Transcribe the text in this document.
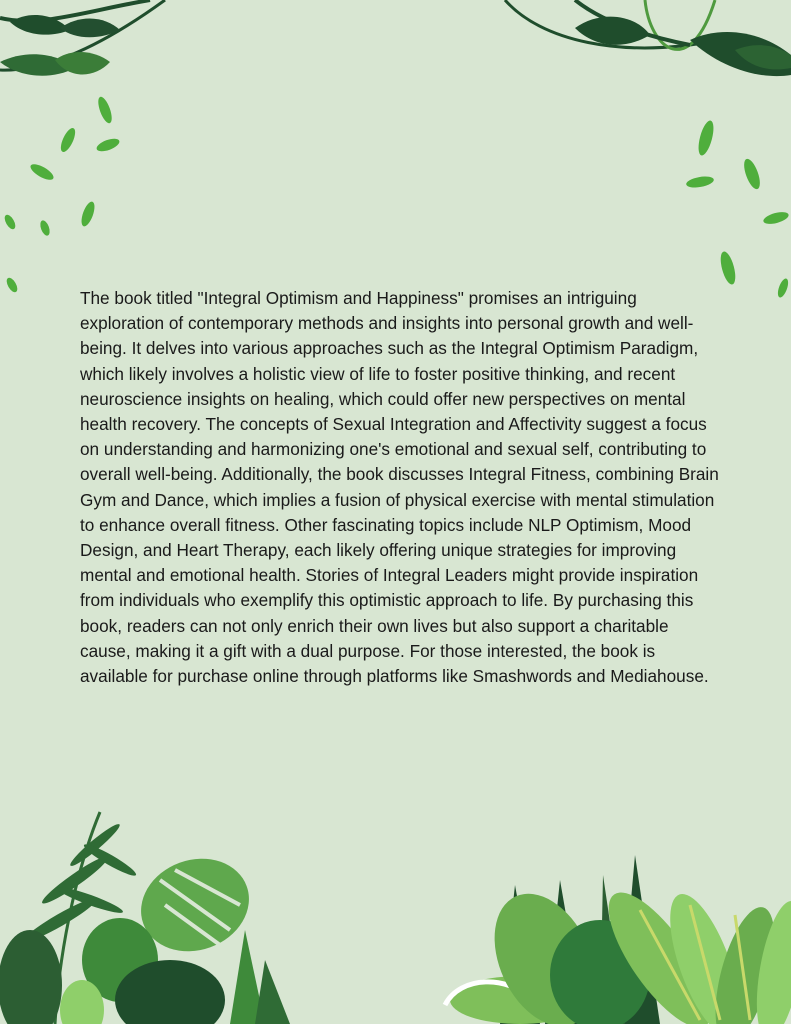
The book titled "Integral Optimism and Happiness" promises an intriguing exploration of contemporary methods and insights into personal growth and well-being. It delves into various approaches such as the Integral Optimism Paradigm, which likely involves a holistic view of life to foster positive thinking, and recent neuroscience insights on healing, which could offer new perspectives on mental health recovery. The concepts of Sexual Integration and Affectivity suggest a focus on understanding and harmonizing one's emotional and sexual self, contributing to overall well-being. Additionally, the book discusses Integral Fitness, combining Brain Gym and Dance, which implies a fusion of physical exercise with mental stimulation to enhance overall fitness. Other fascinating topics include NLP Optimism, Mood Design, and Heart Therapy, each likely offering unique strategies for improving mental and emotional health. Stories of Integral Leaders might provide inspiration from individuals who exemplify this optimistic approach to life. By purchasing this book, readers can not only enrich their own lives but also support a charitable cause, making it a gift with a dual purpose. For those interested, the book is available for purchase online through platforms like Smashwords and Mediahouse.
